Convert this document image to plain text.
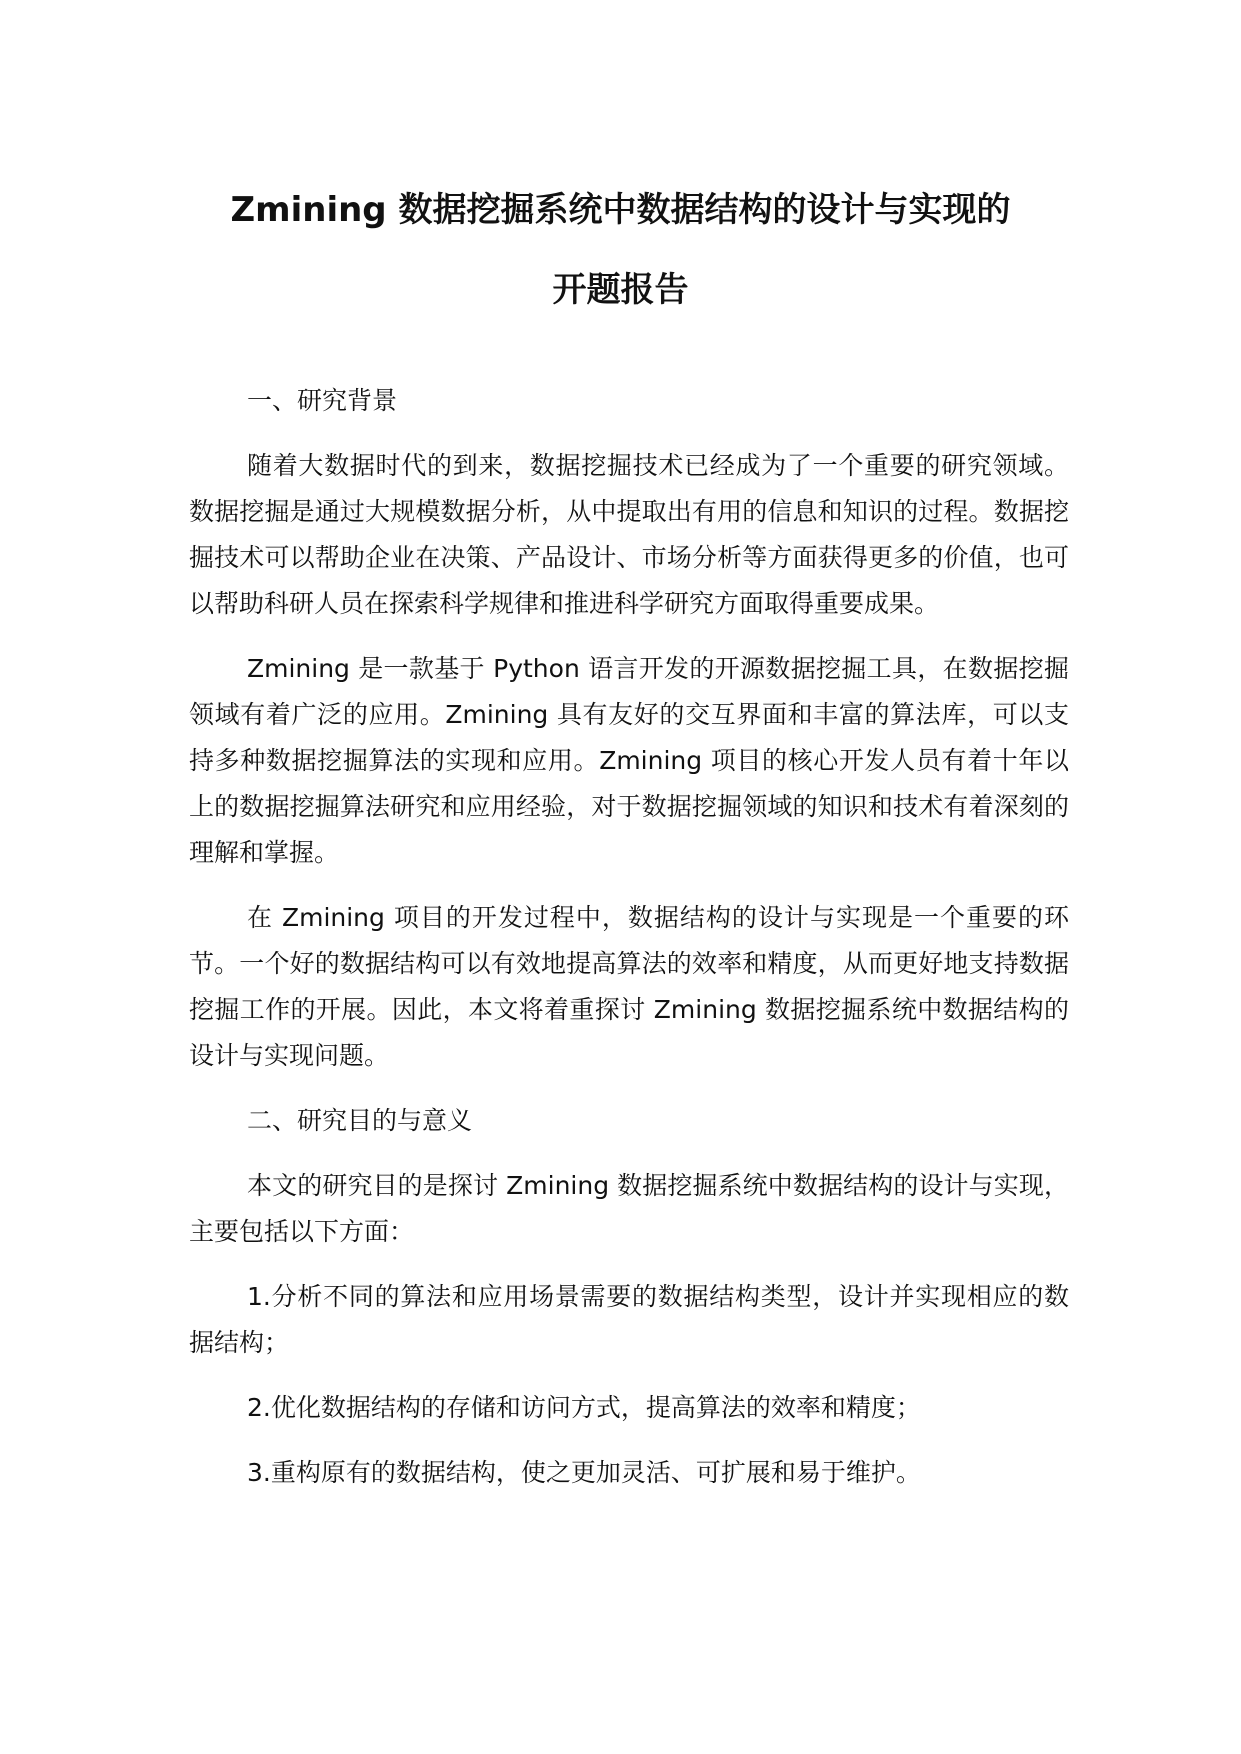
Zmining 数据挖掘系统中数据结构的设计与实现的
开题报告

一、研究背景

随着大数据时代的到来，数据挖掘技术已经成为了一个重要的研究领域。数据挖掘是通过大规模数据分析，从中提取出有用的信息和知识的过程。数据挖掘技术可以帮助企业在决策、产品设计、市场分析等方面获得更多的价值，也可以帮助科研人员在探索科学规律和推进科学研究方面取得重要成果。

Zmining 是一款基于 Python 语言开发的开源数据挖掘工具，在数据挖掘领域有着广泛的应用。Zmining 具有友好的交互界面和丰富的算法库，可以支持多种数据挖掘算法的实现和应用。Zmining 项目的核心开发人员有着十年以上的数据挖掘算法研究和应用经验，对于数据挖掘领域的知识和技术有着深刻的理解和掌握。

在 Zmining 项目的开发过程中，数据结构的设计与实现是一个重要的环节。一个好的数据结构可以有效地提高算法的效率和精度，从而更好地支持数据挖掘工作的开展。因此，本文将着重探讨 Zmining 数据挖掘系统中数据结构的设计与实现问题。

二、研究目的与意义

本文的研究目的是探讨 Zmining 数据挖掘系统中数据结构的设计与实现，主要包括以下方面：

1.分析不同的算法和应用场景需要的数据结构类型，设计并实现相应的数据结构；

2.优化数据结构的存储和访问方式，提高算法的效率和精度；

3.重构原有的数据结构，使之更加灵活、可扩展和易于维护。
